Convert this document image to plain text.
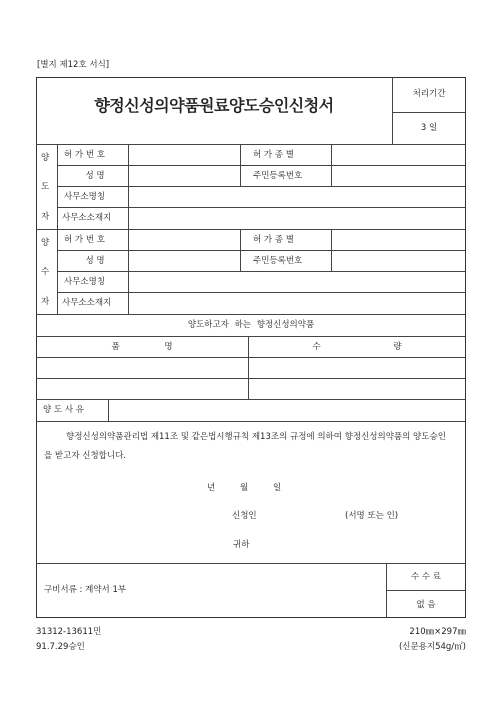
[별지 제12호 서식]
향정신성의약품원료양도승인신청서
처리기간
3 일
양
도
자
허 가 번 호	허 가 종 별
성 명	주민등록번호
사무소명칭
사무소소재지
양
수
자
허 가 번 호	허 가 종 별
성 명	주민등록번호
사무소명칭
사무소소재지
양도하고자 하는 향정신성의약품
품 명	수 량
양 도 사 유
향정신성의약품관리법 제11조 및 같은법시행규칙 제13조의 규정에 의하여 향정신성의약품의 양도승인을 받고자 신청합니다.
년	월	일
신청인	(서명 또는 인)
귀하
구비서류 : 계약서 1부
수 수 료
없 음
31312-13611민	210㎜×297㎜
91.7.29승인	(신문용지54g/㎡)
